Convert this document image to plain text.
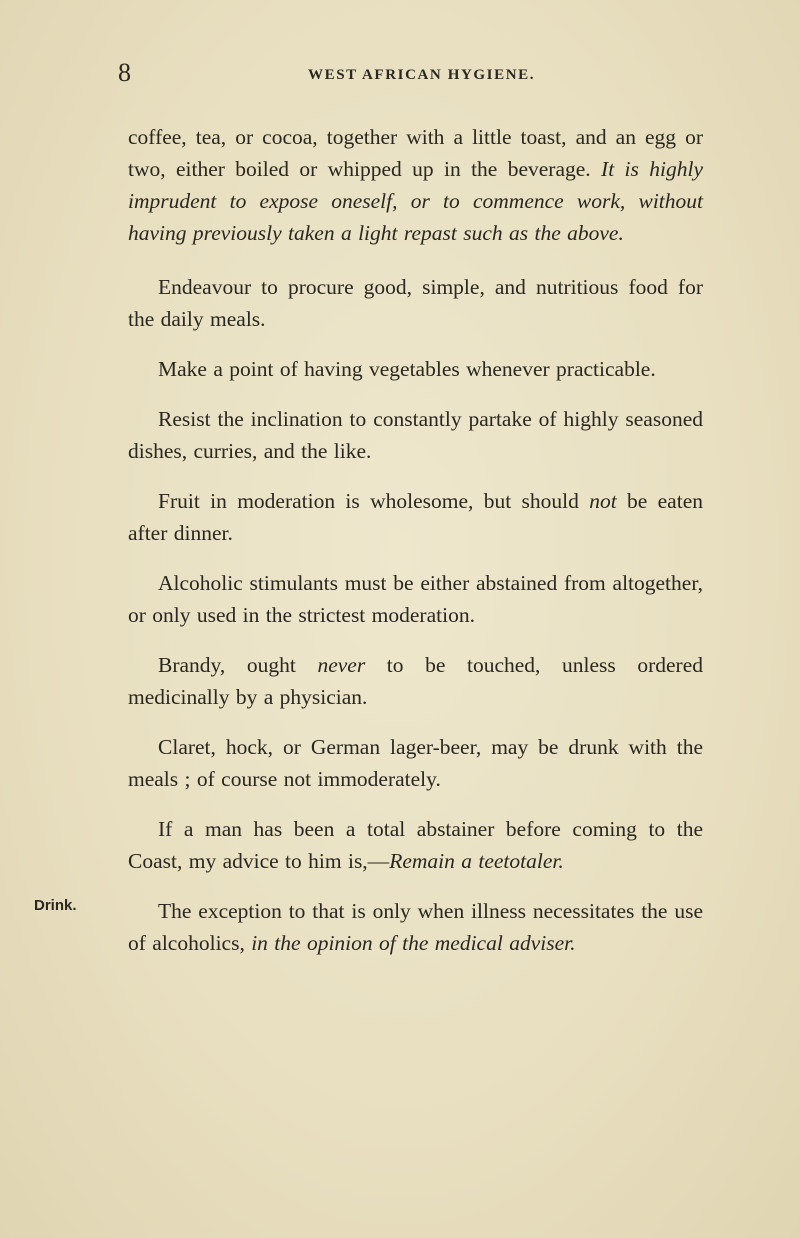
8	WEST AFRICAN HYGIENE.
Drink.

coffee, tea, or cocoa, together with a little toast, and an egg or two, either boiled or whipped up in the beverage. It is highly imprudent to expose oneself, or to commence work, without having previously taken a light repast such as the above.

Endeavour to procure good, simple, and nutritious food for the daily meals.

Make a point of having vegetables whenever practicable.

Resist the inclination to constantly partake of highly seasoned dishes, curries, and the like.

Fruit in moderation is wholesome, but should not be eaten after dinner.

Alcoholic stimulants must be either abstained from altogether, or only used in the strictest moderation.

Brandy, ought never to be touched, unless ordered medicinally by a physician.

Claret, hock, or German lager-beer, may be drunk with the meals ; of course not immoderately.

If a man has been a total abstainer before coming to the Coast, my advice to him is,—Remain a teetotaler.

The exception to that is only when illness necessitates the use of alcoholics, in the opinion of the medical adviser.
